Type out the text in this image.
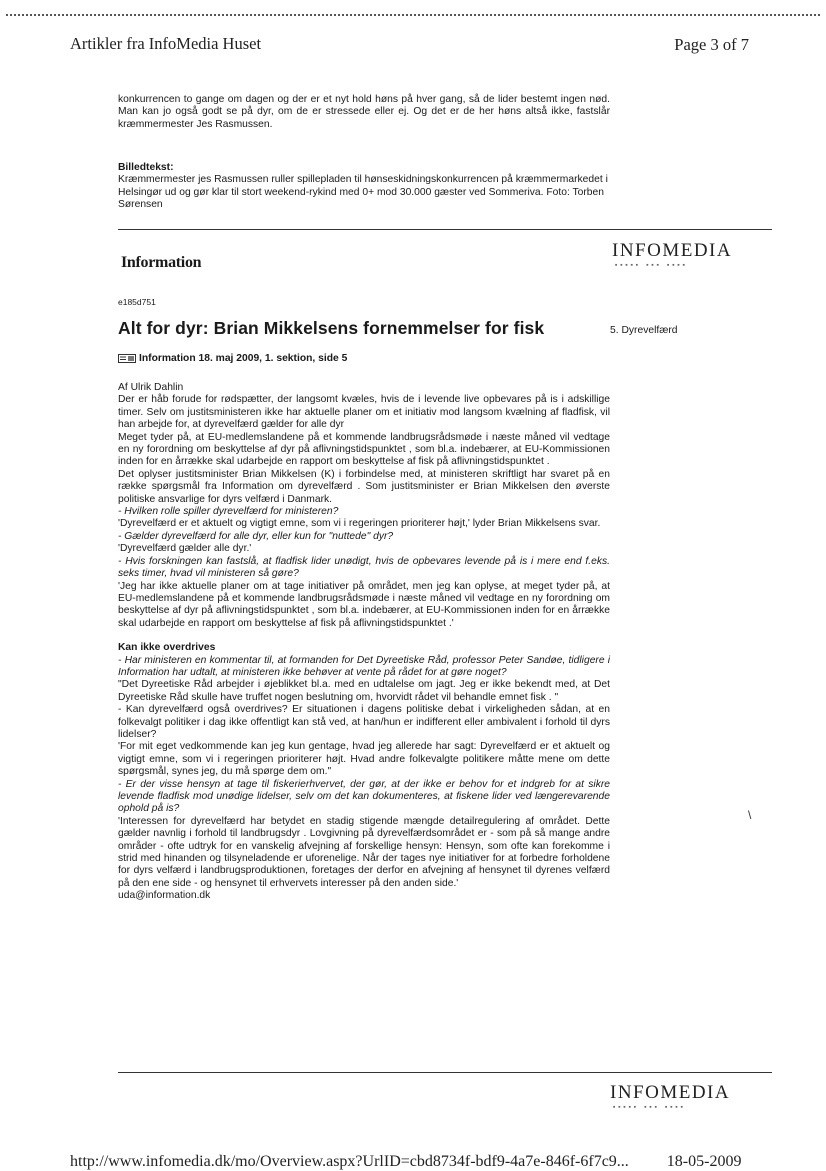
Artikler fra InfoMedia Huset	Page 3 of 7

konkurrencen to gange om dagen og der er et nyt hold høns på hver gang, så de lider bestemt ingen nød. Man kan jo også godt se på dyr, om de er stressede eller ej. Og det er de her høns altså ikke, fastslår kræmmermester Jes Rasmussen.

Billedtekst:

Kræmmermester jes Rasmussen ruller spillepladen til hønseskidningskonkurrencen på kræmmermarkedet i Helsingør ud og gør klar til stort weekend-rykind med 0+ mod 30.000 gæster ved Sommeriva. Foto: Torben Sørensen

Information
INFOMEDIA
▪▪▪▪▪ ▪▪▪ ▪▪▪▪
e185d751
Alt for dyr: Brian Mikkelsens fornemmelser for fisk	5. Dyrevelfærd
Information 18. maj 2009, 1. sektion, side 5

Af Ulrik Dahlin

Der er håb forude for rødspætter, der langsomt kvæles, hvis de i levende live opbevares på is i adskillige timer. Selv om justitsministeren ikke har aktuelle planer om et initiativ mod langsom kvælning af fladfisk, vil han arbejde for, at dyrevelfærd gælder for alle dyr

Meget tyder på, at EU-medlemslandene på et kommende landbrugsrådsmøde i næste måned vil vedtage en ny forordning om beskyttelse af dyr på aflivningstidspunktet , som bl.a. indebærer, at EU-Kommissionen inden for en årrække skal udarbejde en rapport om beskyttelse af fisk på aflivningstidspunktet .

Det oplyser justitsminister Brian Mikkelsen (K) i forbindelse med, at ministeren skriftligt har svaret på en række spørgsmål fra Information om dyrevelfærd . Som justitsminister er Brian Mikkelsen den øverste politiske ansvarlige for dyrs velfærd i Danmark.

- Hvilken rolle spiller dyrevelfærd for ministeren?

'Dyrevelfærd er et aktuelt og vigtigt emne, som vi i regeringen prioriterer højt,' lyder Brian Mikkelsens svar.

- Gælder dyrevelfærd for alle dyr, eller kun for "nuttede" dyr?

'Dyrevelfærd gælder alle dyr.'

- Hvis forskningen kan fastslå, at fladfisk lider unødigt, hvis de opbevares levende på is i mere end f.eks. seks timer, hvad vil ministeren så gøre?

'Jeg har ikke aktuelle planer om at tage initiativer på området, men jeg kan oplyse, at meget tyder på, at EU-medlemslandene på et kommende landbrugsrådsmøde i næste måned vil vedtage en ny forordning om beskyttelse af dyr på aflivningstidspunktet , som bl.a. indebærer, at EU-Kommissionen inden for en årrække skal udarbejde en rapport om beskyttelse af fisk på aflivningstidspunktet .'

Kan ikke overdrives

- Har ministeren en kommentar til, at formanden for Det Dyreetiske Råd, professor Peter Sandøe, tidligere i Information har udtalt, at ministeren ikke behøver at vente på rådet for at gøre noget?

"Det Dyreetiske Råd arbejder i øjeblikket bl.a. med en udtalelse om jagt. Jeg er ikke bekendt med, at Det Dyreetiske Råd skulle have truffet nogen beslutning om, hvorvidt rådet vil behandle emnet fisk . "

- Kan dyrevelfærd også overdrives? Er situationen i dagens politiske debat i virkeligheden sådan, at en folkevalgt politiker i dag ikke offentligt kan stå ved, at han/hun er indifferent eller ambivalent i forhold til dyrs lidelser?

'For mit eget vedkommende kan jeg kun gentage, hvad jeg allerede har sagt: Dyrevelfærd er et aktuelt og vigtigt emne, som vi i regeringen prioriterer højt. Hvad andre folkevalgte politikere måtte mene om dette spørgsmål, synes jeg, du må spørge dem om."

- Er der visse hensyn at tage til fiskerierhvervet, der gør, at der ikke er behov for et indgreb for at sikre levende fladfisk mod unødige lidelser, selv om det kan dokumenteres, at fiskene lider ved længerevarende ophold på is?

'Interessen for dyrevelfærd har betydet en stadig stigende mængde detailregulering af området. Dette gælder navnlig i forhold til landbrugsdyr . Lovgivning på dyrevelfærdsområdet er - som på så mange andre områder - ofte udtryk for en vanskelig afvejning af forskellige hensyn: Hensyn, som ofte kan forekomme i strid med hinanden og tilsyneladende er uforenelige. Når der tages nye initiativer for at forbedre forholdene for dyrs velfærd i landbrugsproduktionen, foretages der derfor en afvejning af hensynet til dyrenes velfærd på den ene side - og hensynet til erhvervets interesser på den anden side.'

uda@information.dk

\
INFOMEDIA
▪▪▪▪▪ ▪▪▪ ▪▪▪▪
http://www.infomedia.dk/mo/Overview.aspx?UrlID=cbd8734f-bdf9-4a7e-846f-6f7c9... 18-05-2009
